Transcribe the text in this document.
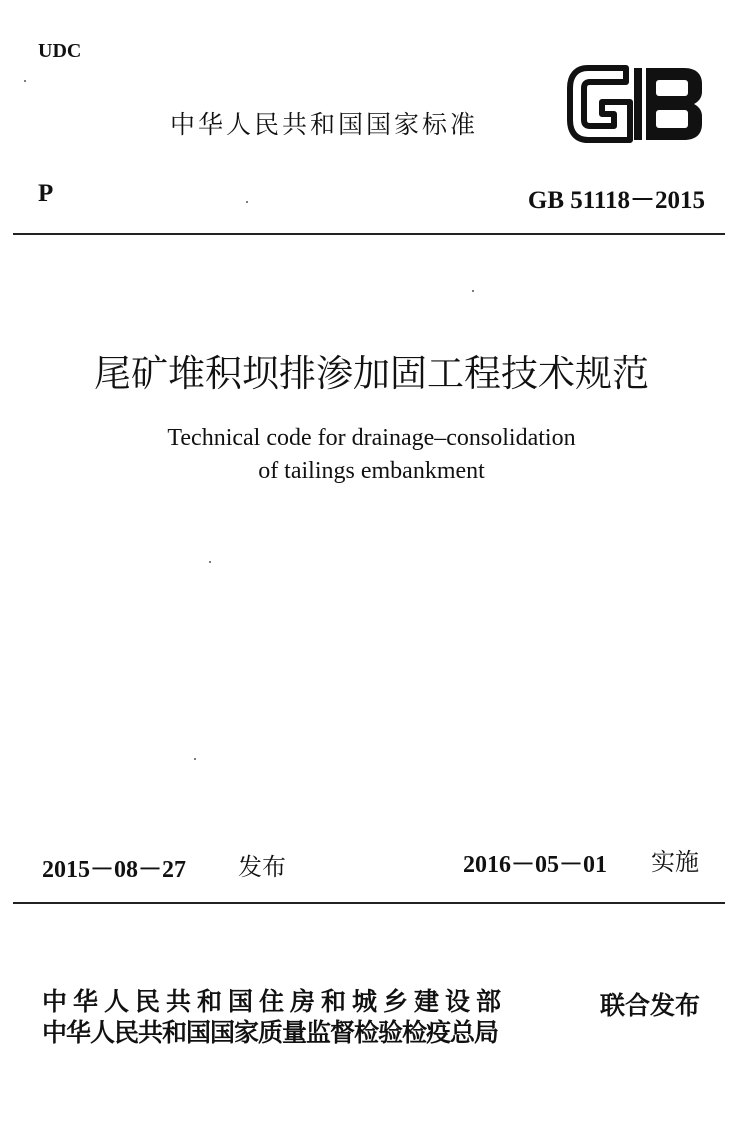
UDC
中华人民共和国国家标准
P	GB 51118－2015
尾矿堆积坝排渗加固工程技术规范
Technical code for drainage–consolidation
of tailings embankment
2015－08－27 发布	2016－05－01 实施
中华人民共和国住房和城乡建设部
中华人民共和国国家质量监督检验检疫总局
联合发布
